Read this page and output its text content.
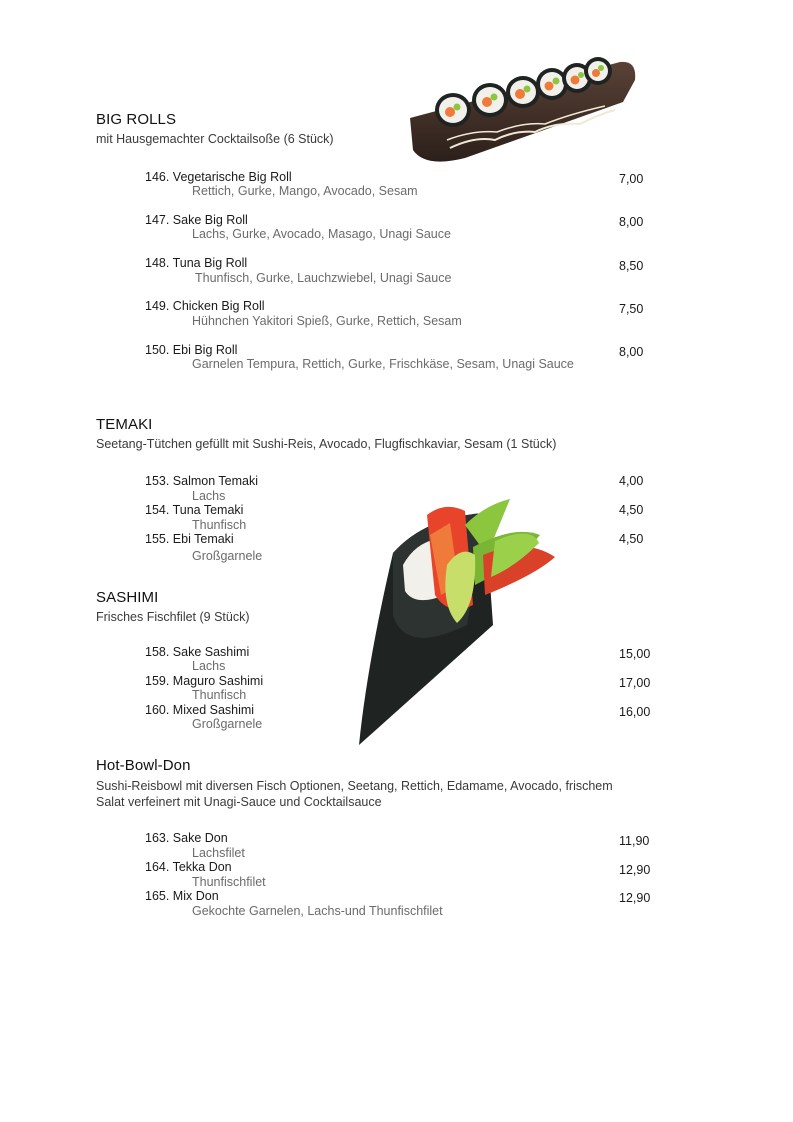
BIG ROLLS
mit Hausgemachter Cocktailsoße (6 Stück)
146. Vegetarische Big Roll
Rettich, Gurke, Mango, Avocado, Sesam
7,00
147. Sake Big Roll
Lachs, Gurke, Avocado, Masago, Unagi Sauce
8,00
148. Tuna Big Roll
Thunfisch, Gurke, Lauchzwiebel, Unagi Sauce
8,50
149. Chicken Big Roll
Hühnchen Yakitori Spieß, Gurke, Rettich, Sesam
7,50
150. Ebi Big Roll
Garnelen Tempura, Rettich, Gurke, Frischkäse, Sesam, Unagi Sauce
8,00
TEMAKI
Seetang-Tütchen gefüllt mit Sushi-Reis, Avocado, Flugfischkaviar, Sesam (1 Stück)
153. Salmon Temaki
Lachs
4,00
154. Tuna Temaki
Thunfisch
4,50
155. Ebi Temaki
Großgarnele
4,50
SASHIMI
Frisches Fischfilet (9 Stück)
158. Sake Sashimi
Lachs
15,00
159. Maguro Sashimi
Thunfisch
17,00
160. Mixed Sashimi
Großgarnele
16,00
Hot-Bowl-Don
Sushi-Reisbowl mit diversen Fisch Optionen, Seetang, Rettich, Edamame, Avocado, frischem
Salat verfeinert mit Unagi-Sauce und Cocktailsauce
163. Sake Don
Lachsfilet
11,90
164. Tekka Don
Thunfischfilet
12,90
165. Mix Don
Gekochte Garnelen, Lachs-und Thunfischfilet
12,90
